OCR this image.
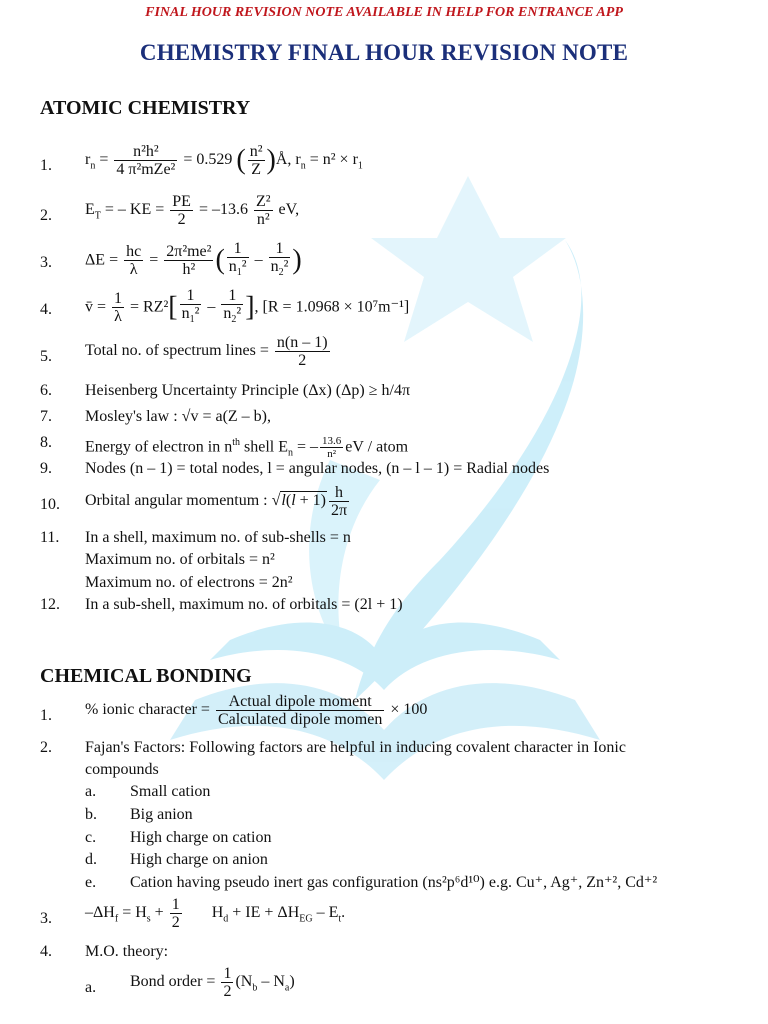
FINAL HOUR REVISION NOTE AVAILABLE IN HELP FOR ENTRANCE APP
CHEMISTRY FINAL HOUR REVISION NOTE
ATOMIC CHEMISTRY
1. $r_n = \frac{\text{n²h²}}{\text{4 π²mZe²}} = 0.529$ ( $\frac{\text{n²}}{Z}$ )Å, $r_n = n^2 \times r_1$
2. $E_T$ = – KE = $\frac{PE}{2} = -13.6 \frac{\text{Z²}}{\text{n²}}$ eV,
3. $\Delta E = \frac{hc}{\lambda} = \frac{\text{2π²me²}}{\text{h²}}$ ( $\frac{1}{n_1^2} - \frac{1}{n_2^2}$ )
4. v̄ = $\frac{1}{\lambda} = RZ^2[ \frac{1}{n_1^2} - \frac{1}{n_2^2}$ ], [R = 1.0968 × 10⁷m⁻¹]
5. Total no. of spectrum lines = $\frac{n(n - 1)}{2}$
6. Heisenberg Uncertainty Principle (Δx) (Δp) ≥ h/4π
7. Mosley's law : √v = a(Z – b),
8. Energy of electron in $n^{th}$ shell $E_n$ = – $\frac{13.6}{\text{n²}}$ eV / atom
9. Nodes (n – 1) = total nodes, l = angular nodes, (n – l – 1) = Radial nodes
10. Orbital angular momentum : $√l(l + 1) \frac{h}{2\pi}$
11. In a shell, maximum no. of sub-shells = n
Maximum no. of orbitals = n²
Maximum no. of electrons = 2n²
12. In a sub-shell, maximum no. of orbitals = (2l + 1)
CHEMICAL BONDING
1. % ionic character = $\frac{\text{Actual dipole moment}}{\text{Calculated dipole momen}} \times 100$
2. Fajan's Factors: Following factors are helpful in inducing covalent character in Ionic
compounds
a. Small cation
b. Big anion
c. High charge on cation
d. High charge on anion
e. Cation having pseudo inert gas configuration (ns²p⁶d¹⁰) e.g. Cu⁺, Ag⁺, Zn⁺², Cd⁺²
3. $-\Delta H_f = H_s + \frac{1}{2} H_d$ + IE + $\Delta H_{EG} - E_t$.
4. M.O. theory:
a. Bond order = $\frac{1}{2} (N_b - N_a)$
